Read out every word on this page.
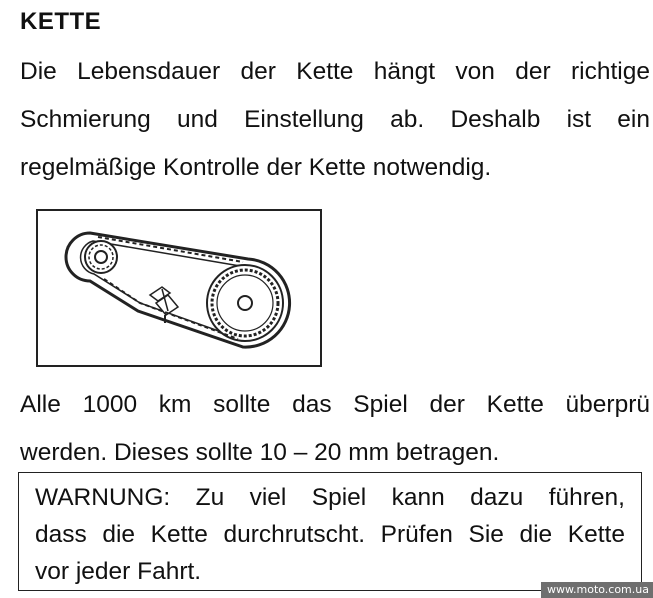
KETTE
Die Lebensdauer der Kette hängt von der richtige
Schmierung und Einstellung ab. Deshalb ist ein
regelmäßige Kontrolle der Kette notwendig.
Alle 1000 km sollte das Spiel der Kette überprü
werden. Dieses sollte 10 – 20 mm betragen.
WARNUNG: Zu viel Spiel kann dazu führen,
dass die Kette durchrutscht. Prüfen Sie die Kette
vor jeder Fahrt.
www.moto.com.ua
